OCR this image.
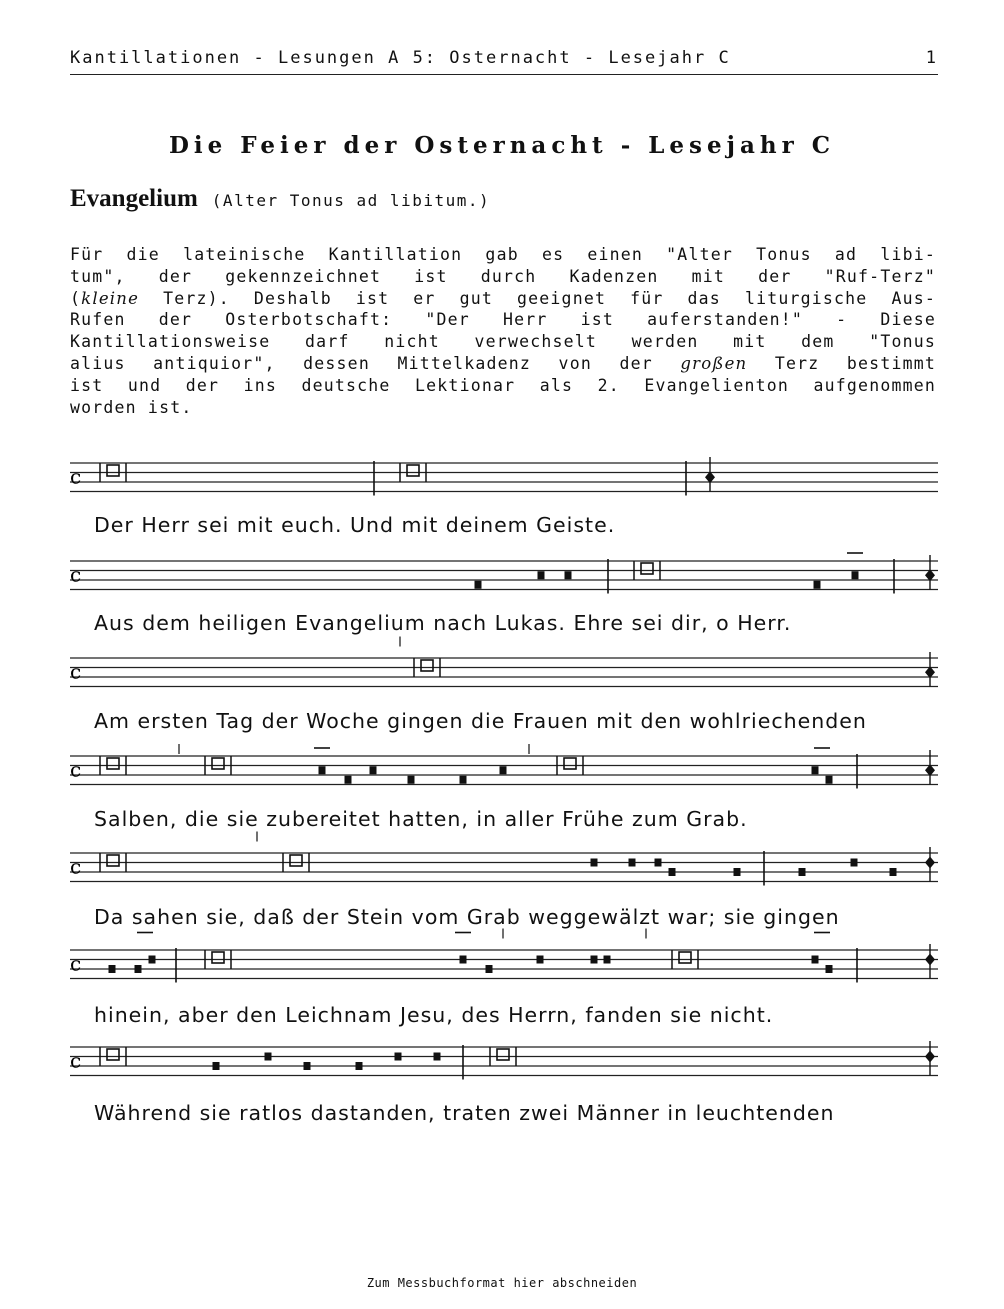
Kantillationen - Lesungen A 5: Osternacht - Lesejahr C	1
Die Feier der Osternacht - Lesejahr C
Evangelium (Alter Tonus ad libitum.)
Für die lateinische Kantillation gab es einen "Alter Tonus ad libi-
tum", der gekennzeichnet ist durch Kadenzen mit der "Ruf-Terz"
(kleine Terz). Deshalb ist er gut geeignet für das liturgische Aus-
Rufen der Osterbotschaft: "Der Herr ist auferstanden!" - Diese
Kantillationsweise darf nicht verwechselt werden mit dem "Tonus
alius antiquior", dessen Mittelkadenz von der großen Terz bestimmt
ist und der ins deutsche Lektionar als 2. Evangelienton aufgenommen
worden ist.
c
c
c
c
c
c
c
Der Herr sei mit euch. Und mit deinem Geiste.
Aus dem heiligen Evangelium nach Lukas. Ehre sei dir, o Herr.
Am ersten Tag der Woche gingen die Frauen mit den wohlriechenden
Salben, die sie zubereitet hatten, in aller Frühe zum Grab.
Da sahen sie, daß der Stein vom Grab weggewälzt war; sie gingen
hinein, aber den Leichnam Jesu, des Herrn, fanden sie nicht.
Während sie ratlos dastanden, traten zwei Männer in leuchtenden
Zum Messbuchformat hier abschneiden
